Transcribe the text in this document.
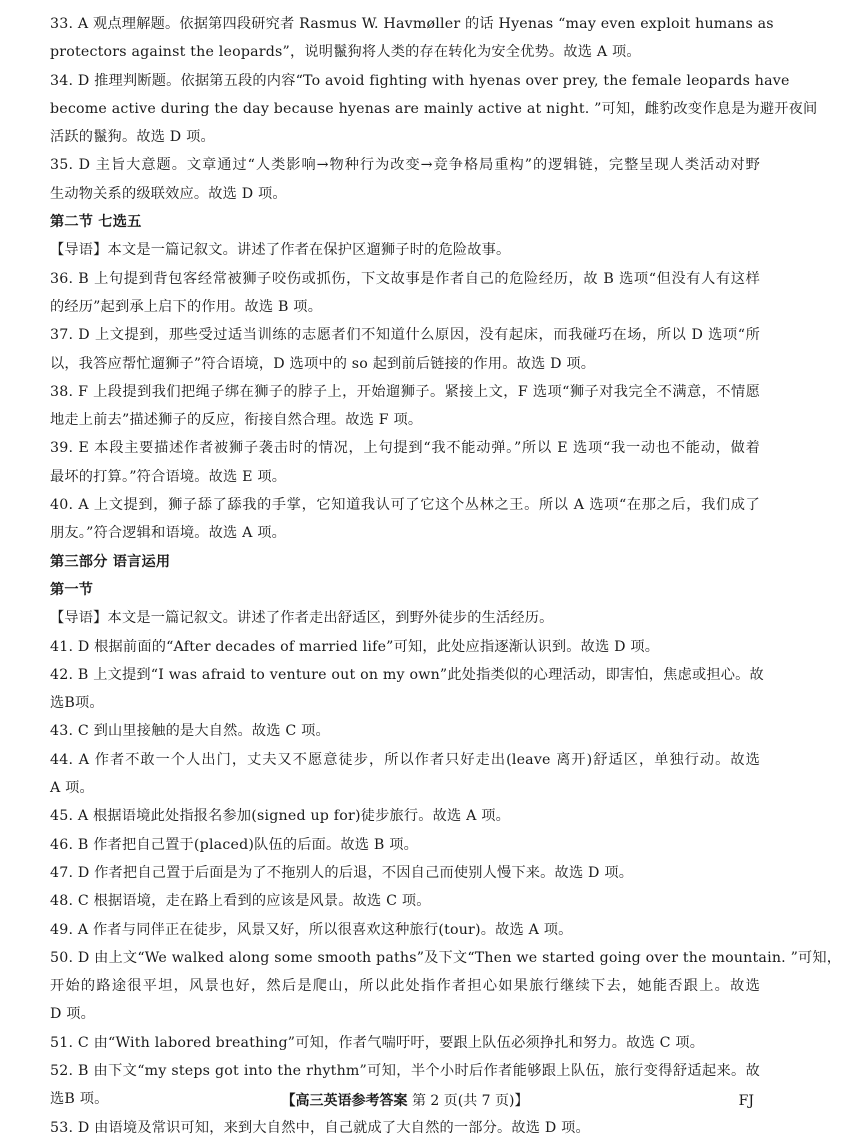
33. A 观点理解题。依据第四段研究者 Rasmus W. Havmøller 的话 Hyenas “may even exploit humans as
protectors against the leopards”，说明鬣狗将人类的存在转化为安全优势。故选 A 项。
34. D 推理判断题。依据第五段的内容“To avoid fighting with hyenas over prey, the female leopards have
become active during the day because hyenas are mainly active at night. ”可知，雌豹改变作息是为避开夜间
活跃的鬣狗。故选 D 项。
35. D 主旨大意题。文章通过“人类影响→物种行为改变→竞争格局重构”的逻辑链，完整呈现人类活动对野
生动物关系的级联效应。故选 D 项。
第二节 七选五
【导语】本文是一篇记叙文。讲述了作者在保护区遛狮子时的危险故事。
36. B 上句提到背包客经常被狮子咬伤或抓伤，下文故事是作者自己的危险经历，故 B 选项“但没有人有这样
的经历”起到承上启下的作用。故选 B 项。
37. D 上文提到，那些受过适当训练的志愿者们不知道什么原因，没有起床，而我碰巧在场，所以 D 选项“所
以，我答应帮忙遛狮子”符合语境，D 选项中的 so 起到前后链接的作用。故选 D 项。
38. F 上段提到我们把绳子绑在狮子的脖子上，开始遛狮子。紧接上文，F 选项“狮子对我完全不满意，不情愿
地走上前去”描述狮子的反应，衔接自然合理。故选 F 项。
39. E 本段主要描述作者被狮子袭击时的情况，上句提到“我不能动弹。”所以 E 选项“我一动也不能动，做着
最坏的打算。”符合语境。故选 E 项。
40. A 上文提到，狮子舔了舔我的手掌，它知道我认可了它这个丛林之王。所以 A 选项“在那之后，我们成了
朋友。”符合逻辑和语境。故选 A 项。
第三部分 语言运用
第一节
【导语】本文是一篇记叙文。讲述了作者走出舒适区，到野外徒步的生活经历。
41. D 根据前面的“After decades of married life”可知，此处应指逐渐认识到。故选 D 项。
42. B 上文提到“I was afraid to venture out on my own”此处指类似的心理活动，即害怕，焦虑或担心。故
选B项。
43. C 到山里接触的是大自然。故选 C 项。
44. A 作者不敢一个人出门，丈夫又不愿意徒步，所以作者只好走出(leave 离开)舒适区，单独行动。故选
A 项。
45. A 根据语境此处指报名参加(signed up for)徒步旅行。故选 A 项。
46. B 作者把自己置于(placed)队伍的后面。故选 B 项。
47. D 作者把自己置于后面是为了不拖别人的后退，不因自己而使别人慢下来。故选 D 项。
48. C 根据语境，走在路上看到的应该是风景。故选 C 项。
49. A 作者与同伴正在徒步，风景又好，所以很喜欢这种旅行(tour)。故选 A 项。
50. D 由上文“We walked along some smooth paths”及下文“Then we started going over the mountain. ”可知，
开始的路途很平坦，风景也好，然后是爬山，所以此处指作者担心如果旅行继续下去，她能否跟上。故选
D 项。
51. C 由“With labored breathing”可知，作者气喘吁吁，要跟上队伍必须挣扎和努力。故选 C 项。
52. B 由下文“my steps got into the rhythm”可知，半个小时后作者能够跟上队伍，旅行变得舒适起来。故
选B 项。
53. D 由语境及常识可知，来到大自然中，自己就成了大自然的一部分。故选 D 项。
【高三英语参考答案 第 2 页(共 7 页)】	FJ
